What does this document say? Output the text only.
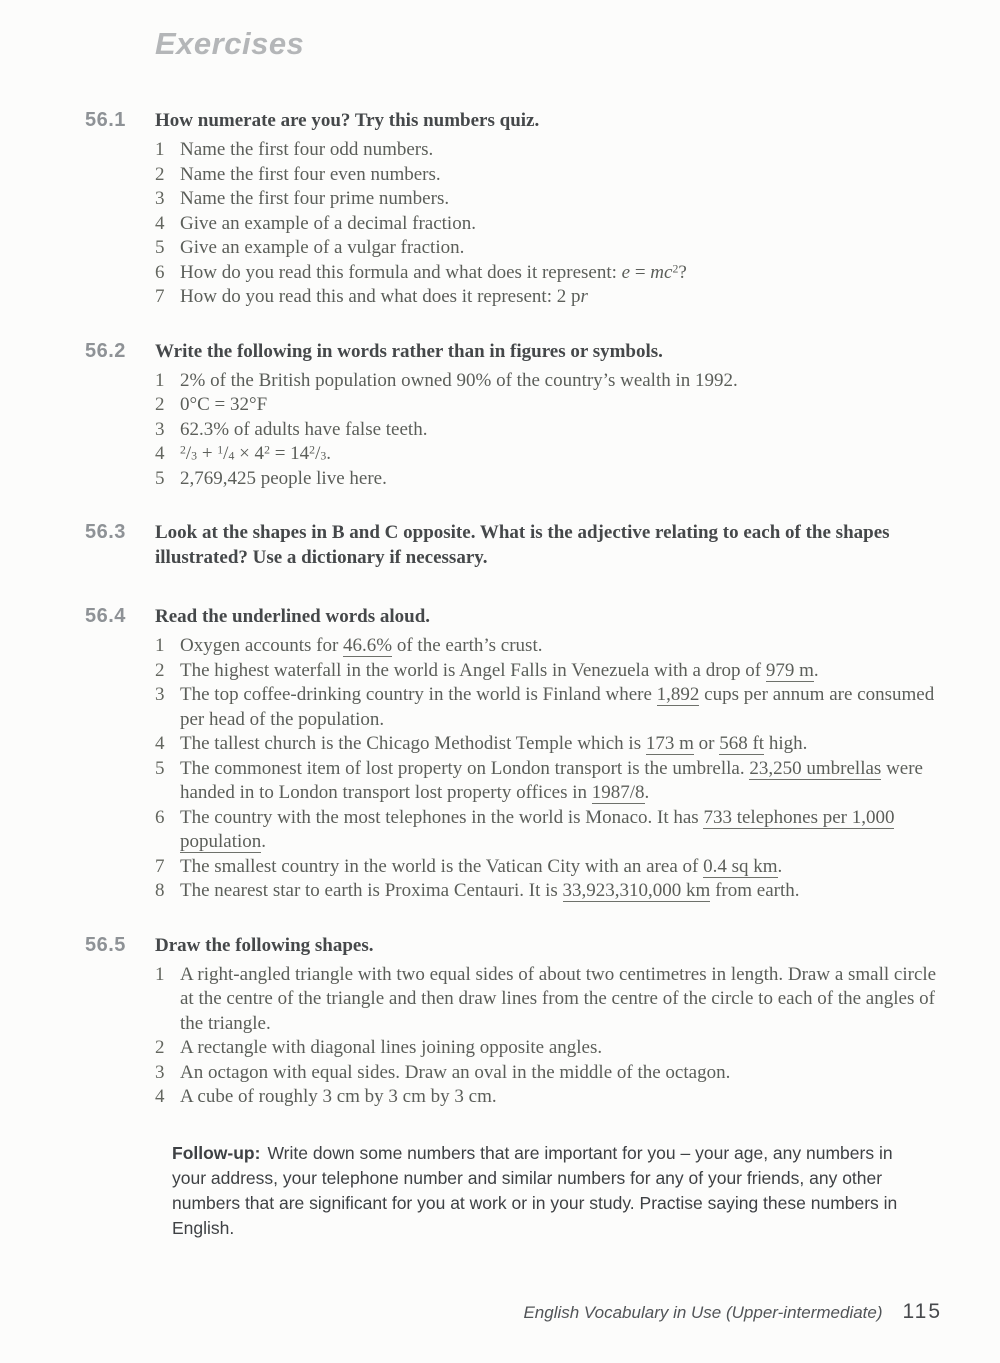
Exercises
56.1	How numerate are you? Try this numbers quiz.
1 Name the first four odd numbers.
2 Name the first four even numbers.
3 Name the first four prime numbers.
4 Give an example of a decimal fraction.
5 Give an example of a vulgar fraction.
6 How do you read this formula and what does it represent: $e = mc^2$?
7 How do you read this and what does it represent: 2 pr
56.2	Write the following in words rather than in figures or symbols.
1 2% of the British population owned 90% of the country’s wealth in 1992.
2 0°C = 32°F
3 62.3% of adults have false teeth.
4	$^2/3 + ^1/4 \times 4^2 = 14^2/3$.
5 2,769,425 people live here.
56.3	Look at the shapes in B and C opposite. What is the adjective relating to each of the shapes illustrated? Use a dictionary if necessary.
56.4	Read the underlined words aloud.
1 Oxygen accounts for 46.6% of the earth’s crust.
2 The highest waterfall in the world is Angel Falls in Venezuela with a drop of 979 m.
3 The top coffee-drinking country in the world is Finland where 1,892 cups per annum are consumed per head of the population.
4 The tallest church is the Chicago Methodist Temple which is 173 m or 568 ft high.
5 The commonest item of lost property on London transport is the umbrella. 23,250 umbrellas were handed in to London transport lost property offices in 1987/8.
6 The country with the most telephones in the world is Monaco. It has 733 telephones per 1,000 population.
7 The smallest country in the world is the Vatican City with an area of 0.4 sq km.
8 The nearest star to earth is Proxima Centauri. It is 33,923,310,000 km from earth.
56.5	Draw the following shapes.
1 A right-angled triangle with two equal sides of about two centimetres in length. Draw a small circle at the centre of the triangle and then draw lines from the centre of the circle to each of the angles of the triangle.
2 A rectangle with diagonal lines joining opposite angles.
3 An octagon with equal sides. Draw an oval in the middle of the octagon.
4 A cube of roughly 3 cm by 3 cm by 3 cm.

Follow-up: Write down some numbers that are important for you – your age, any numbers in your address, your telephone number and similar numbers for any of your friends, any other numbers that are significant for you at work or in your study. Practise saying these numbers in English.

English Vocabulary in Use (Upper-intermediate) 115
